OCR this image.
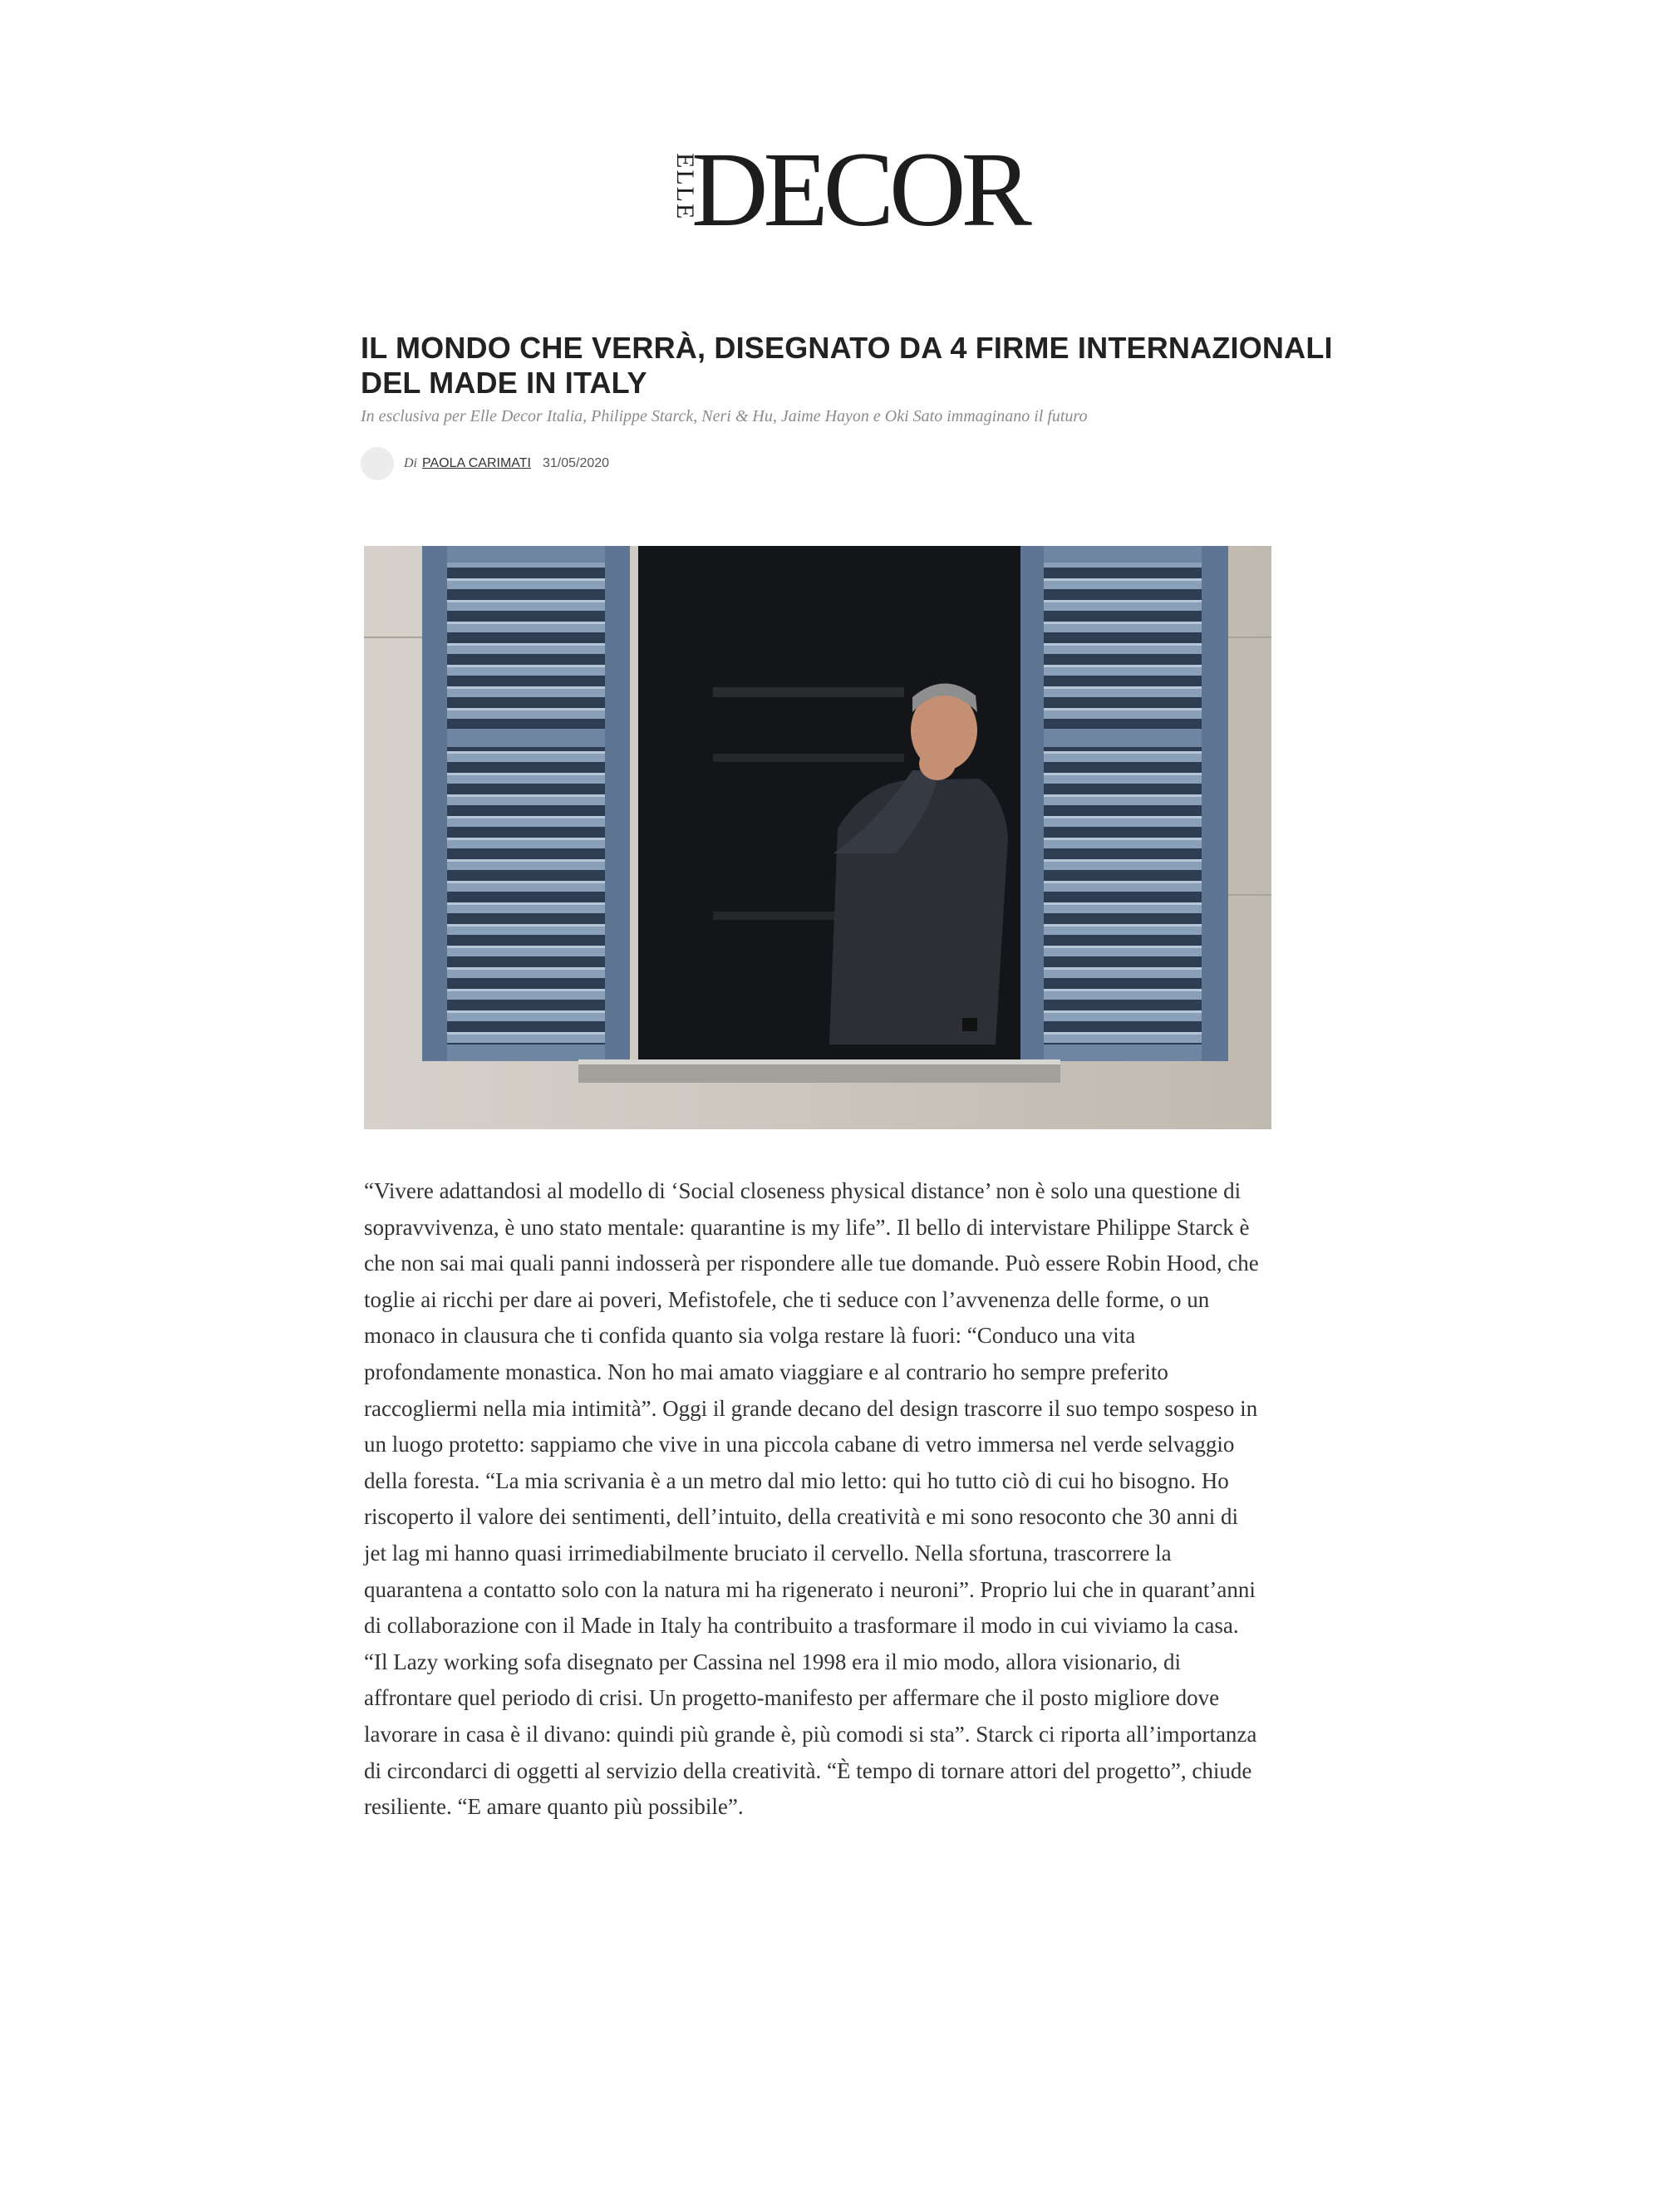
ELLE
DECOR
IL MONDO CHE VERRÀ, DISEGNATO DA 4 FIRME INTERNAZIONALI DEL MADE IN ITALY

In esclusiva per Elle Decor Italia, Philippe Starck, Neri & Hu, Jaime Hayon e Oki Sato immaginano il futuro

Di PAOLA CARIMATI 31/05/2020

“Vivere adattandosi al modello di ‘Social closeness physical distance’ non è solo una questione di sopravvivenza, è uno stato mentale: quarantine is my life”. Il bello di intervistare Philippe Starck è che non sai mai quali panni indosserà per rispondere alle tue domande. Può essere Robin Hood, che toglie ai ricchi per dare ai poveri, Mefistofele, che ti seduce con l’avvenenza delle forme, o un monaco in clausura che ti confida quanto sia volga restare là fuori: “Conduco una vita profondamente monastica. Non ho mai amato viaggiare e al contrario ho sempre preferito raccogliermi nella mia intimità”. Oggi il grande decano del design trascorre il suo tempo sospeso in un luogo protetto: sappiamo che vive in una piccola cabane di vetro immersa nel verde selvaggio della foresta. “La mia scrivania è a un metro dal mio letto: qui ho tutto ciò di cui ho bisogno. Ho riscoperto il valore dei sentimenti, dell’intuito, della creatività e mi sono resoconto che 30 anni di jet lag mi hanno quasi irrimediabilmente bruciato il cervello. Nella sfortuna, trascorrere la quarantena a contatto solo con la natura mi ha rigenerato i neuroni”. Proprio lui che in quarant’anni di collaborazione con il Made in Italy ha contribuito a trasformare il modo in cui viviamo la casa. “Il Lazy working sofa disegnato per Cassina nel 1998 era il mio modo, allora visionario, di affrontare quel periodo di crisi. Un progetto-manifesto per affermare che il posto migliore dove lavorare in casa è il divano: quindi più grande è, più comodi si sta”. Starck ci riporta all’importanza di circondarci di oggetti al servizio della creatività. “È tempo di tornare attori del progetto”, chiude resiliente. “E amare quanto più possibile”.
